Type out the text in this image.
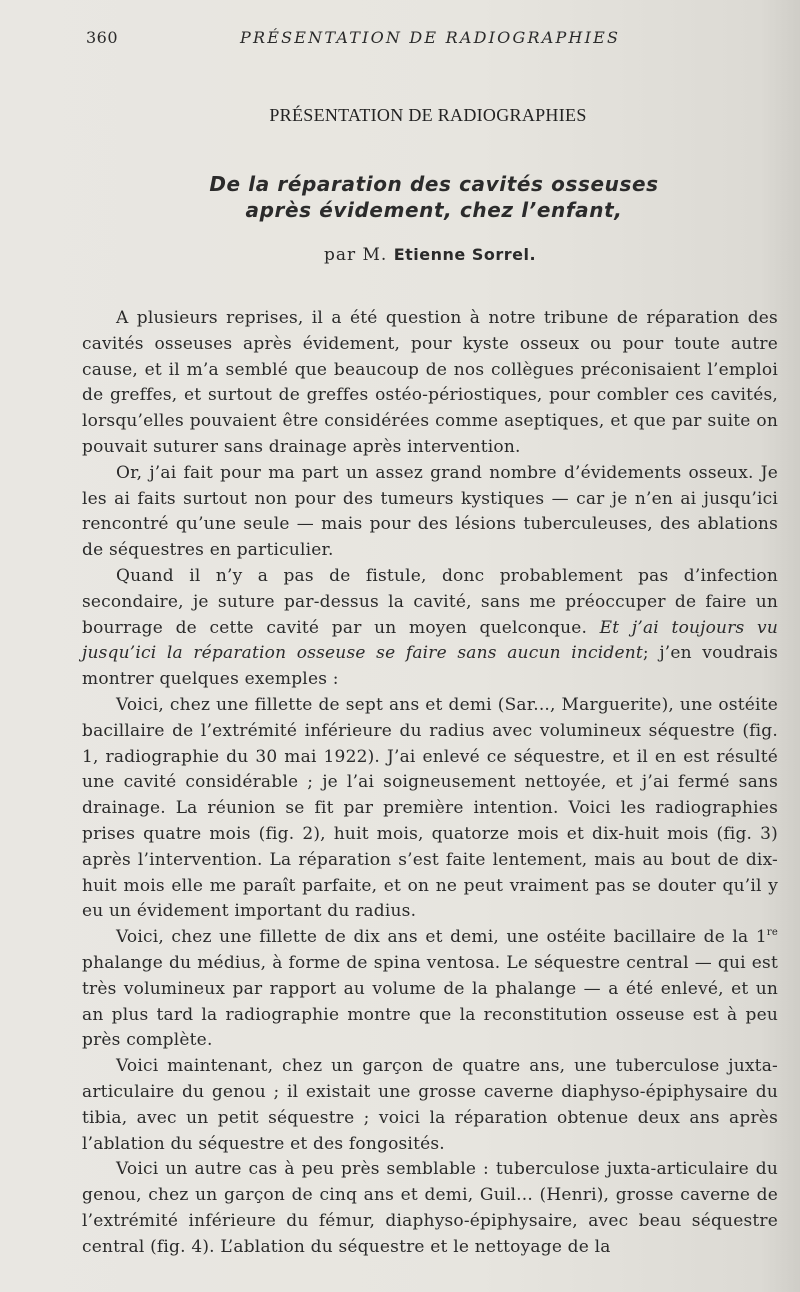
360	PRÉSENTATION DE RADIOGRAPHIES
PRÉSENTATION DE RADIOGRAPHIES
De la réparation des cavités osseuses
après évidement, chez l’enfant,
par M. Etienne Sorrel.

A plusieurs reprises, il a été question à notre tribune de réparation des cavités osseuses après évidement, pour kyste osseux ou pour toute autre cause, et il m’a semblé que beaucoup de nos collègues préconisaient l’emploi de greffes, et surtout de greffes ostéo-périostiques, pour combler ces cavités, lorsqu’elles pouvaient être considérées comme aseptiques, et que par suite on pouvait suturer sans drainage après intervention.

Or, j’ai fait pour ma part un assez grand nombre d’évidements osseux. Je les ai faits surtout non pour des tumeurs kystiques — car je n’en ai jusqu’ici rencontré qu’une seule — mais pour des lésions tuberculeuses, des ablations de séquestres en particulier.

Quand il n’y a pas de fistule, donc probablement pas d’infection secondaire, je suture par-dessus la cavité, sans me préoccuper de faire un bourrage de cette cavité par un moyen quelconque. Et j’ai toujours vu jusqu’ici la réparation osseuse se faire sans aucun incident; j’en voudrais montrer quelques exemples :

Voici, chez une fillette de sept ans et demi (Sar..., Marguerite), une ostéite bacillaire de l’extrémité inférieure du radius avec volumineux séquestre (fig. 1, radiographie du 30 mai 1922). J’ai enlevé ce séquestre, et il en est résulté une cavité considérable ; je l’ai soigneusement nettoyée, et j’ai fermé sans drainage. La réunion se fit par première intention. Voici les radiographies prises quatre mois (fig. 2), huit mois, quatorze mois et dix-huit mois (fig. 3) après l’intervention. La réparation s’est faite lentement, mais au bout de dix-huit mois elle me paraît parfaite, et on ne peut vraiment pas se douter qu’il y eu un évidement important du radius.

Voici, chez une fillette de dix ans et demi, une ostéite bacillaire de la 1re phalange du médius, à forme de spina ventosa. Le séquestre central — qui est très volumineux par rapport au volume de la phalange — a été enlevé, et un an plus tard la radiographie montre que la reconstitution osseuse est à peu près complète.

Voici maintenant, chez un garçon de quatre ans, une tuberculose juxta-articulaire du genou ; il existait une grosse caverne diaphyso-épiphysaire du tibia, avec un petit séquestre ; voici la réparation obtenue deux ans après l’ablation du séquestre et des fongosités.

Voici un autre cas à peu près semblable : tuberculose juxta-articulaire du genou, chez un garçon de cinq ans et demi, Guil... (Henri), grosse caverne de l’extrémité inférieure du fémur, diaphyso-épiphysaire, avec beau séquestre central (fig. 4). L’ablation du séquestre et le nettoyage de la
